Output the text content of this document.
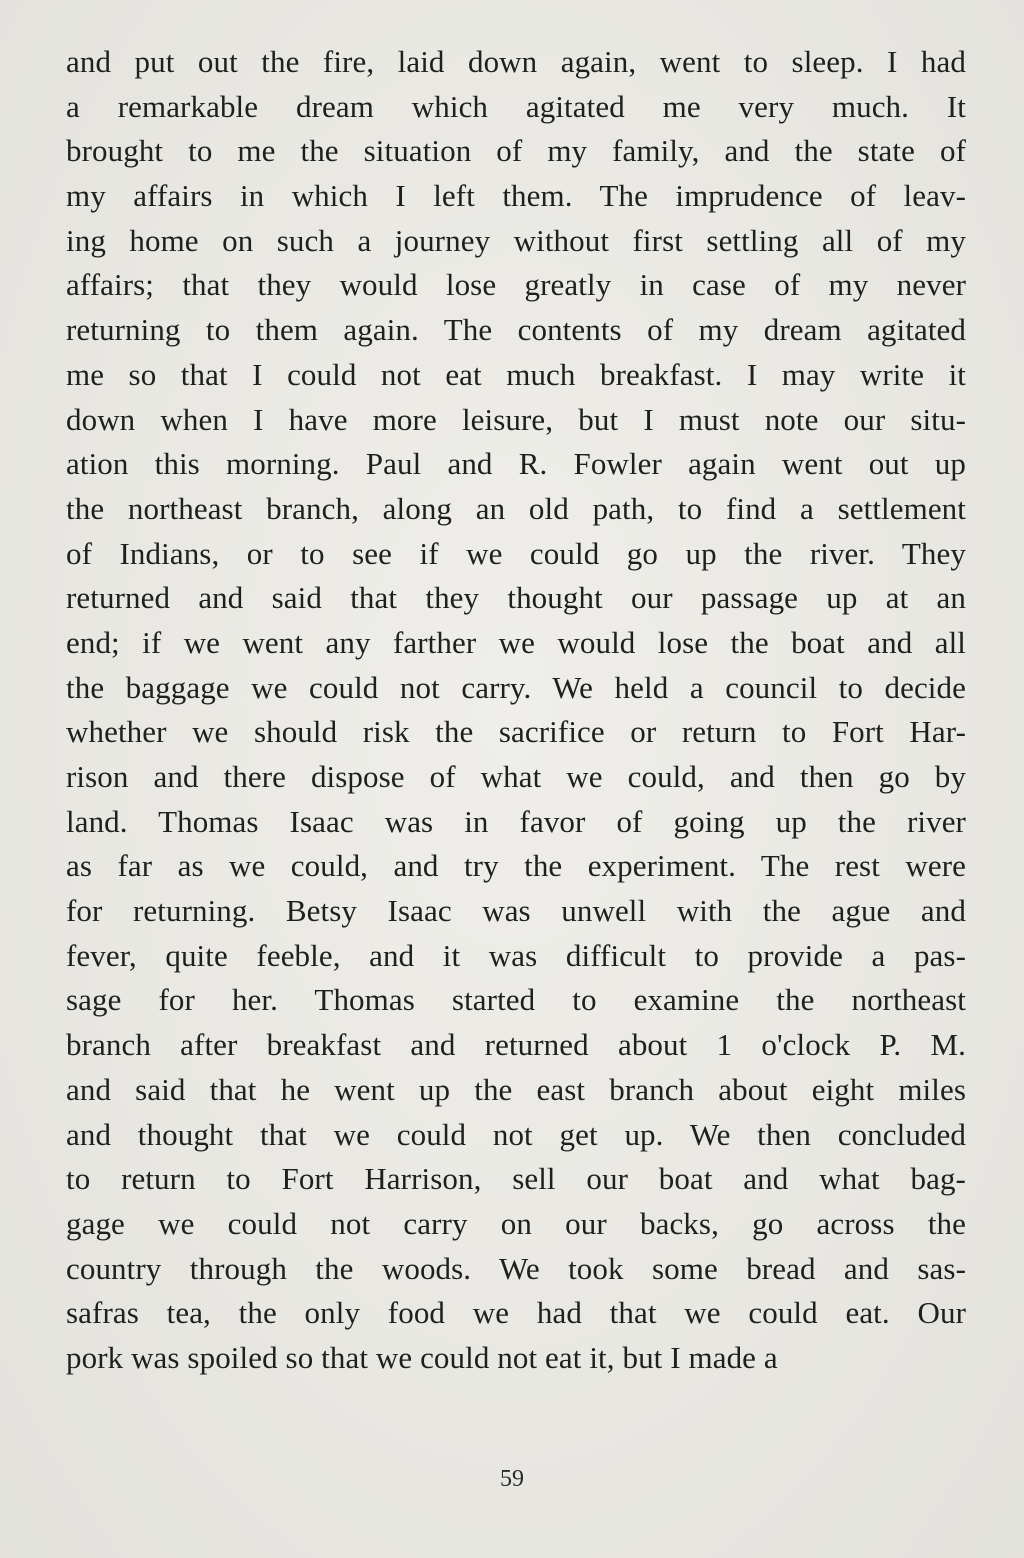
and put out the fire, laid down again, went to sleep. I had
a remarkable dream which agitated me very much. It
brought to me the situation of my family, and the state of
my affairs in which I left them. The imprudence of leav-
ing home on such a journey without first settling all of my
affairs; that they would lose greatly in case of my never
returning to them again. The contents of my dream agitated
me so that I could not eat much breakfast. I may write it
down when I have more leisure, but I must note our situ-
ation this morning. Paul and R. Fowler again went out up
the northeast branch, along an old path, to find a settlement
of Indians, or to see if we could go up the river. They
returned and said that they thought our passage up at an
end; if we went any farther we would lose the boat and all
the baggage we could not carry. We held a council to decide
whether we should risk the sacrifice or return to Fort Har-
rison and there dispose of what we could, and then go by
land. Thomas Isaac was in favor of going up the river
as far as we could, and try the experiment. The rest were
for returning. Betsy Isaac was unwell with the ague and
fever, quite feeble, and it was difficult to provide a pas-
sage for her. Thomas started to examine the northeast
branch after breakfast and returned about 1 o'clock P. M.
and said that he went up the east branch about eight miles
and thought that we could not get up. We then concluded
to return to Fort Harrison, sell our boat and what bag-
gage we could not carry on our backs, go across the
country through the woods. We took some bread and sas-
safras tea, the only food we had that we could eat. Our
pork was spoiled so that we could not eat it, but I made a
59
